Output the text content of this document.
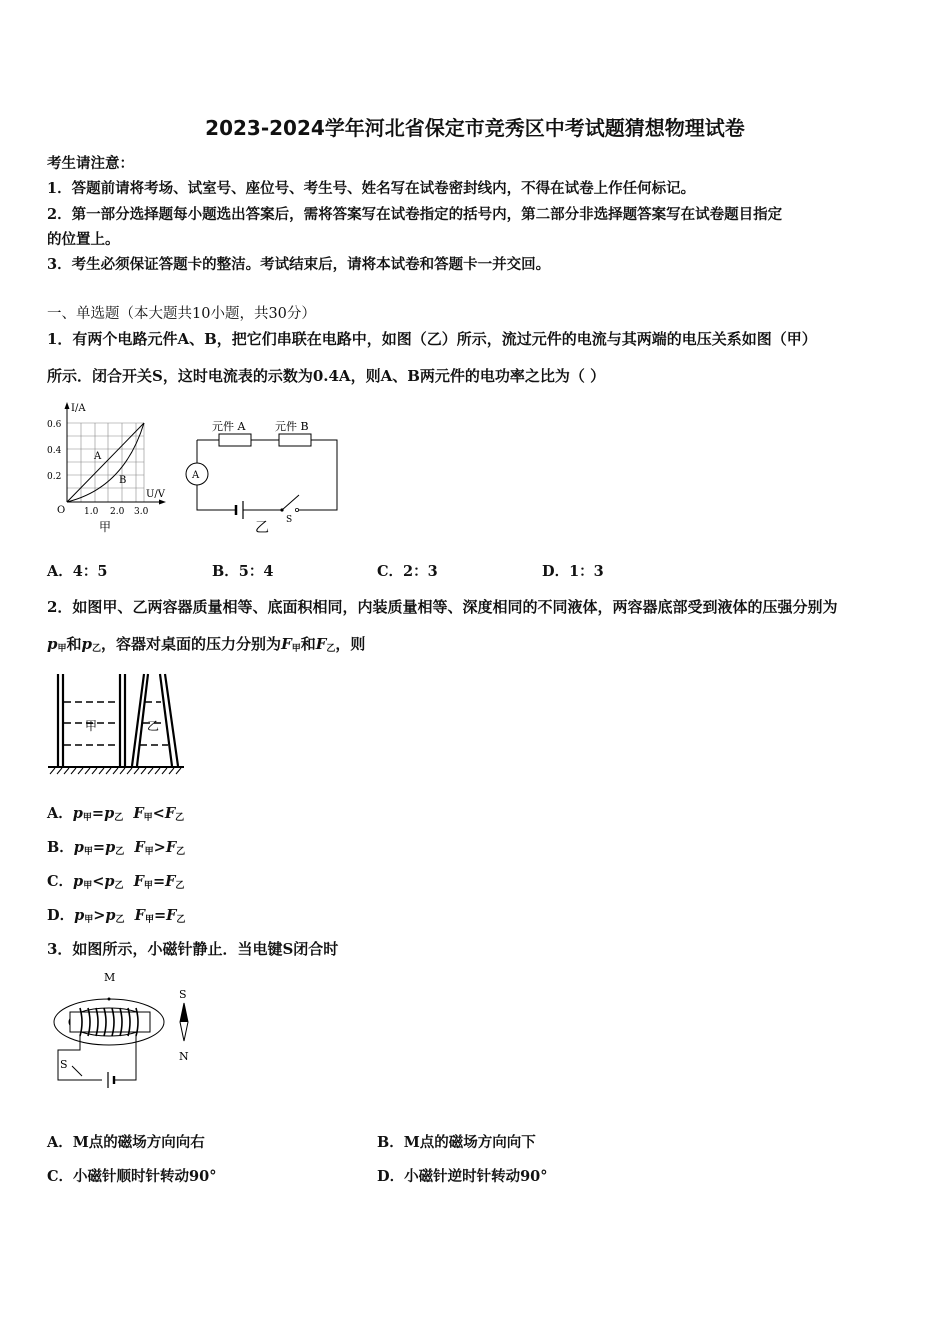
2023-2024学年河北省保定市竞秀区中考试题猜想物理试卷
考生请注意：
1．答题前请将考场、试室号、座位号、考生号、姓名写在试卷密封线内，不得在试卷上作任何标记。
2．第一部分选择题每小题选出答案后，需将答案写在试卷指定的括号内，第二部分非选择题答案写在试卷题目指定
的位置上。
3．考生必须保证答题卡的整洁。考试结束后，请将本试卷和答题卡一并交回。
一、单选题（本大题共10小题，共30分）
1．有两个电路元件A、B，把它们串联在电路中，如图（乙）所示，流过元件的电流与其两端的电压关系如图（甲）
所示．闭合开关S，这时电流表的示数为0.4A，则A、B两元件的电功率之比为（ ）
I/A
U/V
0.6
0.4
0.2
O 1.0 2.0 3.0
A
B
甲
元件 A	元件 B
A
S
乙
A．4：5	B．5：4	C．2：3	D．1：3
2．如图甲、乙两容器质量相等、底面积相同，内装质量相等、深度相同的不同液体，两容器底部受到液体的压强分别为
$p_甲$和$p_乙$，容器对桌面的压力分别为$F_甲$和$F_乙$，则
甲	乙
A．$p_甲=p_乙$ $F_甲<F_乙$
B．$p_甲=p_乙$ $F_甲>F_乙$
C．$p_甲<p_乙$ $F_甲=F_乙$
D．$p_甲>p_乙$ $F_甲=F_乙$
3．如图所示，小磁针静止．当电键S闭合时
M
S
N
S
A．M点的磁场方向向右	B．M点的磁场方向向下
C．小磁针顺时针转动90°	D．小磁针逆时针转动90°
